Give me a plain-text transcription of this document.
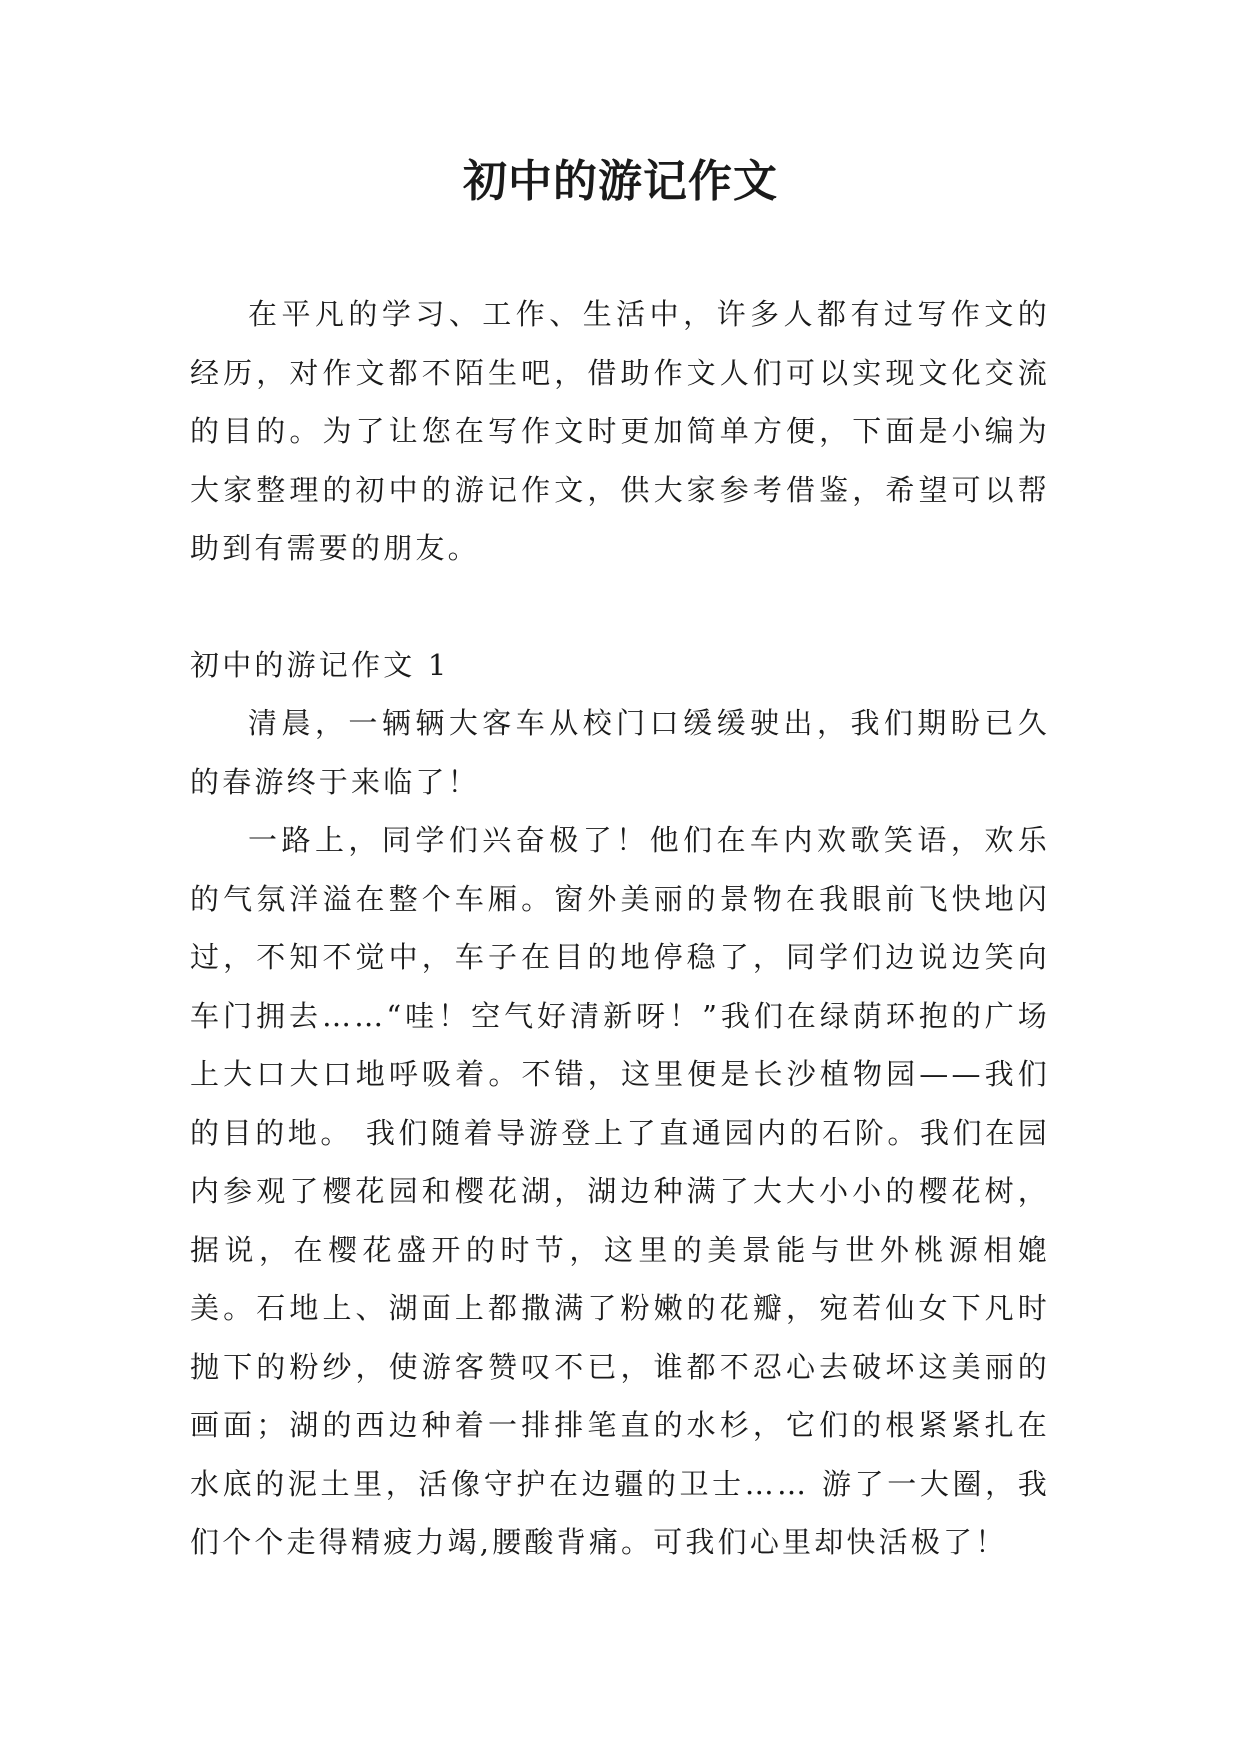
初中的游记作文

在平凡的学习、工作、生活中，许多人都有过写作文的经历，对作文都不陌生吧，借助作文人们可以实现文化交流的目的。为了让您在写作文时更加简单方便，下面是小编为大家整理的初中的游记作文，供大家参考借鉴，希望可以帮助到有需要的朋友。

初中的游记作文 1

清晨，一辆辆大客车从校门口缓缓驶出，我们期盼已久的春游终于来临了！

一路上，同学们兴奋极了！他们在车内欢歌笑语，欢乐的气氛洋溢在整个车厢。窗外美丽的景物在我眼前飞快地闪过，不知不觉中，车子在目的地停稳了，同学们边说边笑向车门拥去……“哇！空气好清新呀！”我们在绿荫环抱的广场上大口大口地呼吸着。不错，这里便是长沙植物园——我们的目的地。 我们随着导游登上了直通园内的石阶。我们在园内参观了樱花园和樱花湖，湖边种满了大大小小的樱花树，据说，在樱花盛开的时节，这里的美景能与世外桃源相媲美。石地上、湖面上都撒满了粉嫩的花瓣，宛若仙女下凡时抛下的粉纱，使游客赞叹不已，谁都不忍心去破坏这美丽的画面；湖的西边种着一排排笔直的水杉，它们的根紧紧扎在水底的泥土里，活像守护在边疆的卫士…… 游了一大圈，我们个个走得精疲力竭,腰酸背痛。可我们心里却快活极了！
